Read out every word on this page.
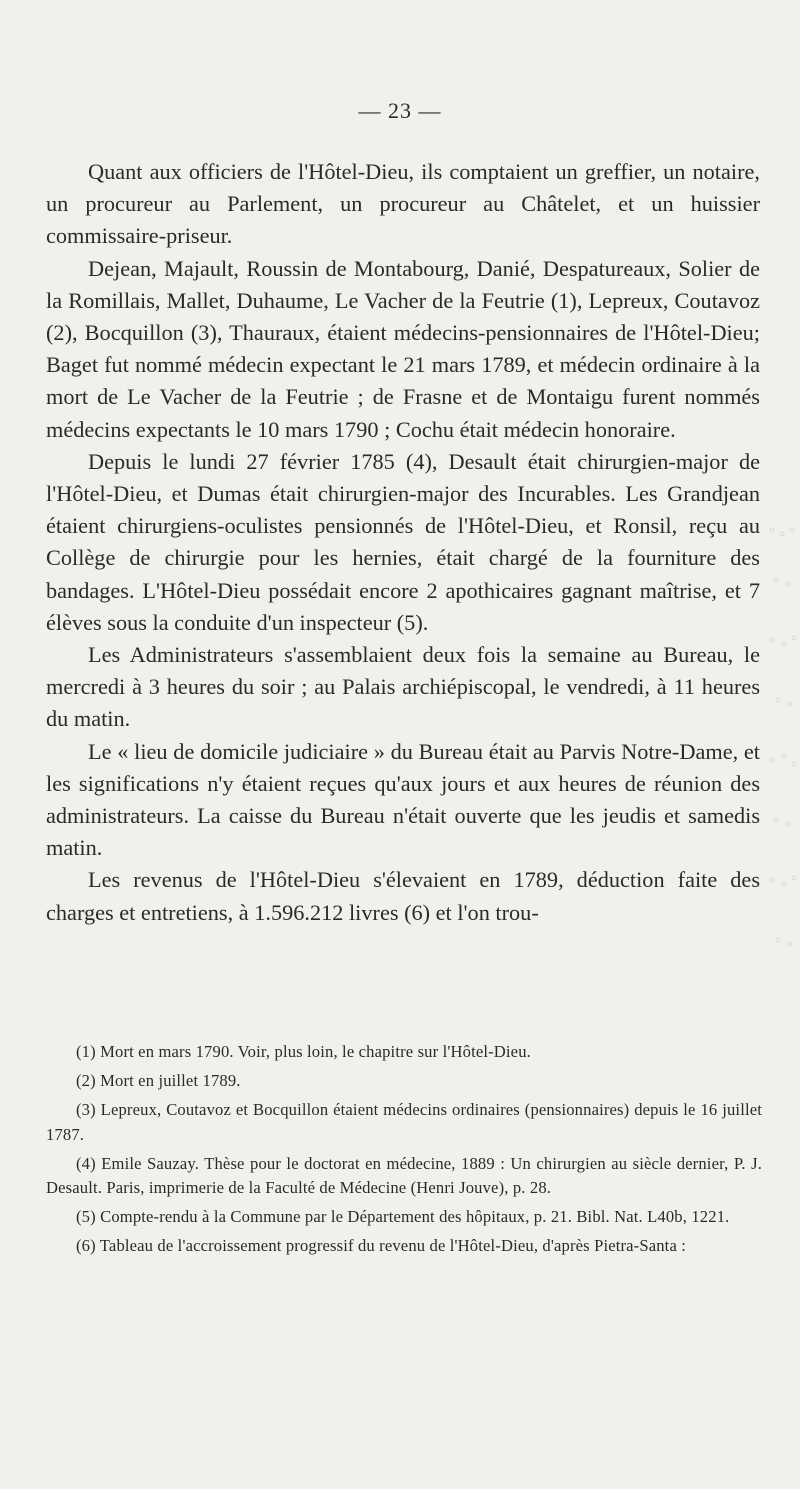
— 23 —

Quant aux officiers de l'Hôtel-Dieu, ils comptaient un greffier, un notaire, un procureur au Parlement, un procureur au Châtelet, et un huissier commissaire-priseur.

Dejean, Majault, Roussin de Montabourg, Danié, Despatureaux, Solier de la Romillais, Mallet, Duhaume, Le Vacher de la Feutrie (1), Lepreux, Coutavoz (2), Bocquillon (3), Thauraux, étaient médecins-pensionnaires de l'Hôtel-Dieu; Baget fut nommé médecin expectant le 21 mars 1789, et médecin ordinaire à la mort de Le Vacher de la Feutrie ; de Frasne et de Montaigu furent nommés médecins expectants le 10 mars 1790 ; Cochu était médecin honoraire.

Depuis le lundi 27 février 1785 (4), Desault était chirurgien-major de l'Hôtel-Dieu, et Dumas était chirurgien-major des Incurables. Les Grandjean étaient chirurgiens-oculistes pensionnés de l'Hôtel-Dieu, et Ronsil, reçu au Collège de chirurgie pour les hernies, était chargé de la fourniture des bandages. L'Hôtel-Dieu possédait encore 2 apothicaires gagnant maîtrise, et 7 élèves sous la conduite d'un inspecteur (5).

Les Administrateurs s'assemblaient deux fois la semaine au Bureau, le mercredi à 3 heures du soir ; au Palais archiépiscopal, le vendredi, à 11 heures du matin.

Le « lieu de domicile judiciaire » du Bureau était au Parvis Notre-Dame, et les significations n'y étaient reçues qu'aux jours et aux heures de réunion des administrateurs. La caisse du Bureau n'était ouverte que les jeudis et samedis matin.

Les revenus de l'Hôtel-Dieu s'élevaient en 1789, déduction faite des charges et entretiens, à 1.596.212 livres (6) et l'on trou-

(1) Mort en mars 1790. Voir, plus loin, le chapitre sur l'Hôtel-Dieu.

(2) Mort en juillet 1789.

(3) Lepreux, Coutavoz et Bocquillon étaient médecins ordinaires (pensionnaires) depuis le 16 juillet 1787.

(4) Emile Sauzay. Thèse pour le doctorat en médecine, 1889 : Un chirurgien au siècle dernier, P. J. Desault. Paris, imprimerie de la Faculté de Médecine (Henri Jouve), p. 28.

(5) Compte-rendu à la Commune par le Département des hôpitaux, p. 21. Bibl. Nat. L40b, 1221.

(6) Tableau de l'accroissement progressif du revenu de l'Hôtel-Dieu, d'après Pietra-Santa :
